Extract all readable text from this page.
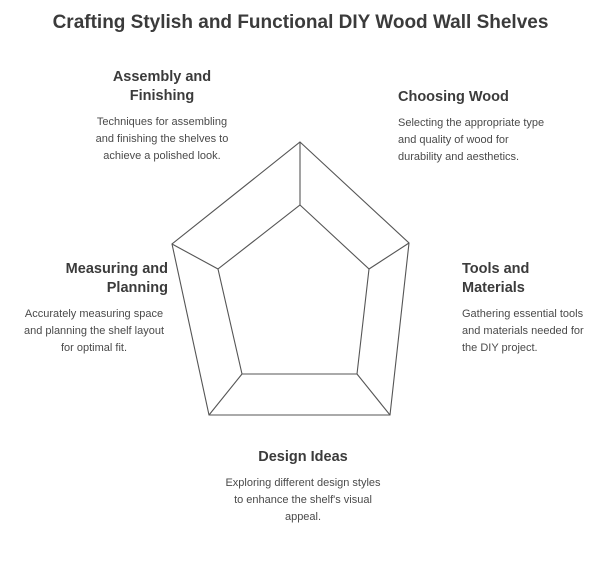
Crafting Stylish and Functional DIY Wood Wall Shelves
Assembly and Finishing
Techniques for assembling and finishing the shelves to achieve a polished look.
Choosing Wood
Selecting the appropriate type and quality of wood for durability and aesthetics.
Measuring and Planning
Accurately measuring space and planning the shelf layout for optimal fit.
Tools and Materials
Gathering essential tools and materials needed for the DIY project.
Design Ideas
Exploring different design styles to enhance the shelf's visual appeal.
